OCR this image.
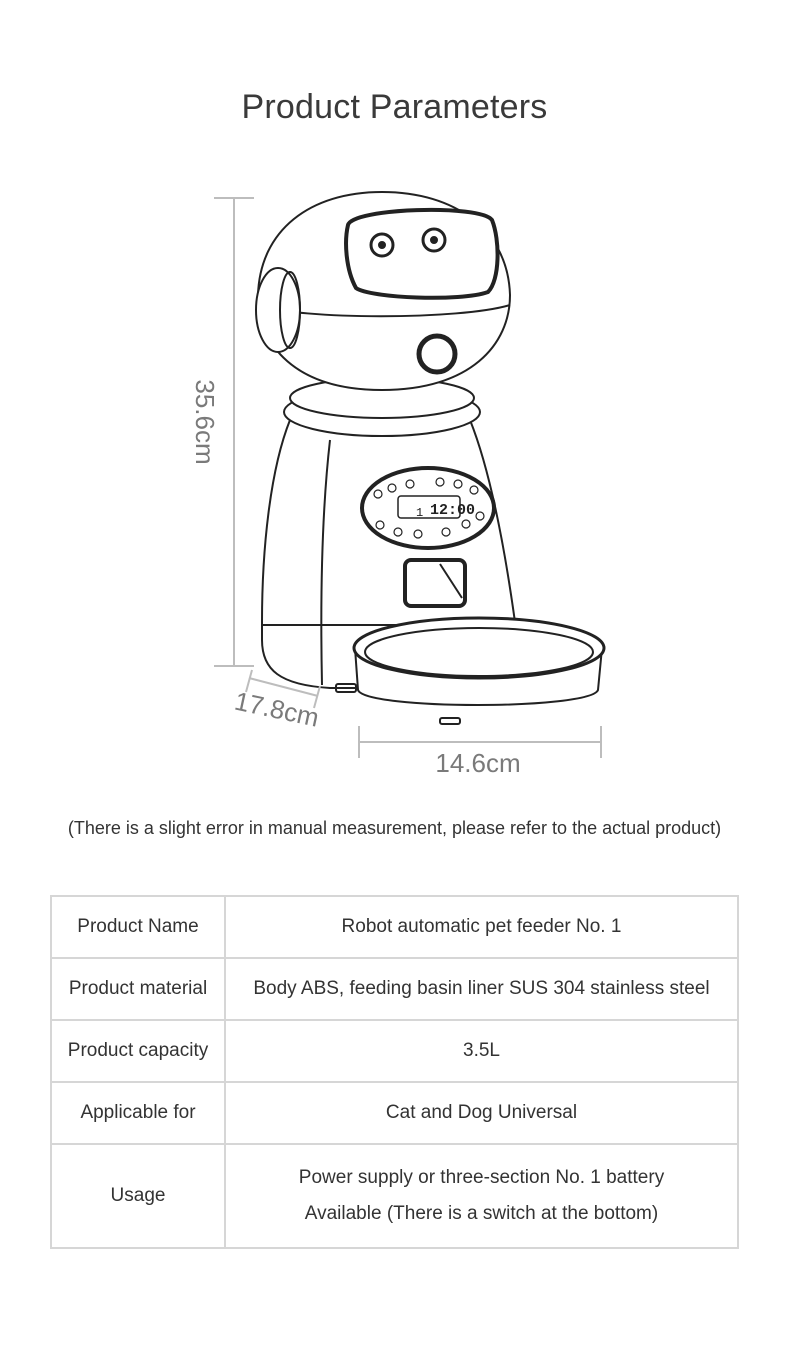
Product Parameters
35.6cm
1 12:00
17.8cm
14.6cm
(There is a slight error in manual measurement, please refer to the actual product)
Product Name	Robot automatic pet feeder No. 1
Product material	Body ABS, feeding basin liner SUS 304 stainless steel
Product capacity	3.5L
Applicable for	Cat and Dog Universal
Usage	Power supply or three-section No. 1 battery
Available (There is a switch at the bottom)
